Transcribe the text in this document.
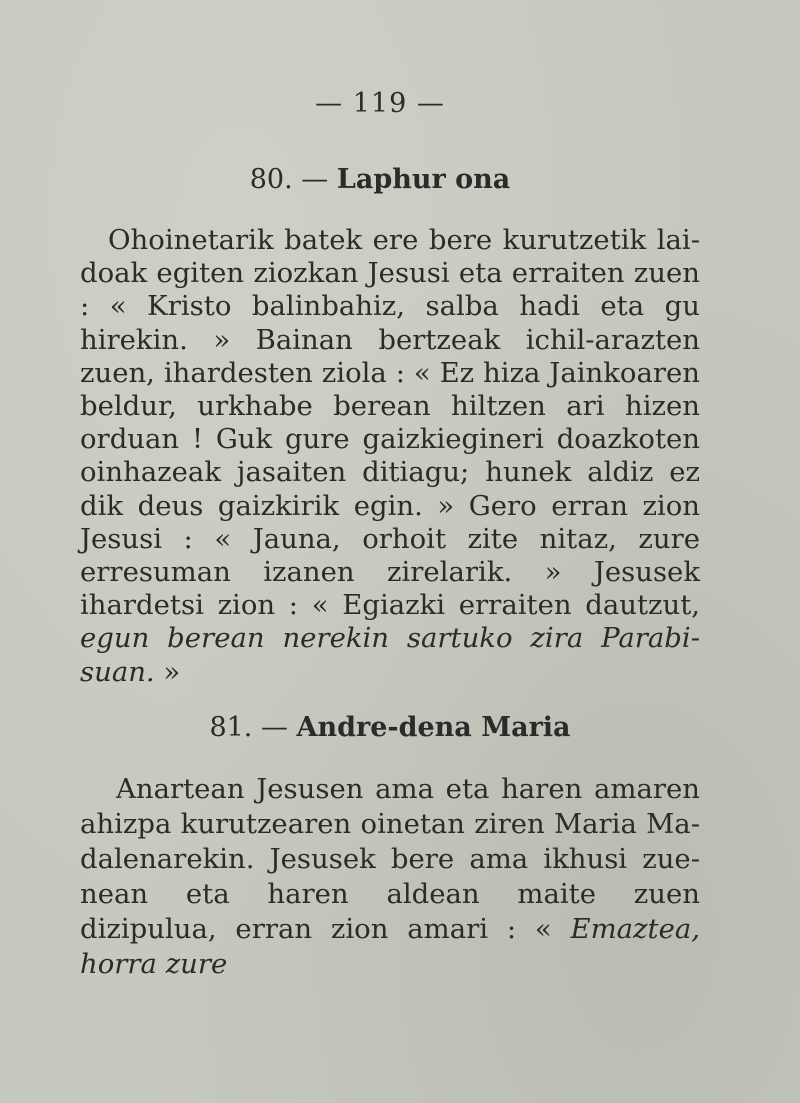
— 119 —
80. — Laphur ona
Ohoinetarik batek ere bere kurutzetik laidoak egiten ziozkan Jesusi eta erraiten zuen : « Kristo balinbahiz, salba hadi eta gu hirekin. » Bainan bertzeak ichil-arazten zuen, ihardesten ziola : « Ez hiza Jainkoaren beldur, urkhabe berean hiltzen ari hizen orduan ! Guk gure gaizkiegineri doazkoten oinhazeak jasaiten ditiagu; hunek aldiz ez dik deus gaizkirik egin. » Gero erran zion Jesusi : « Jauna, orhoit zite nitaz, zure erresuman izanen zirelarik. » Jesusek ihardetsi zion : « Egiazki erraiten dautzut, egun berean nerekin sartuko zira Parabisuan. »
81. — Andre-dena Maria
Anartean Jesusen ama eta haren amaren ahizpa kurutzearen oinetan ziren Maria Madalenarekin. Jesusek bere ama ikhusi zuenean eta haren aldean maite zuen dizipulua, erran zion amari : « Emaztea, horra zure
